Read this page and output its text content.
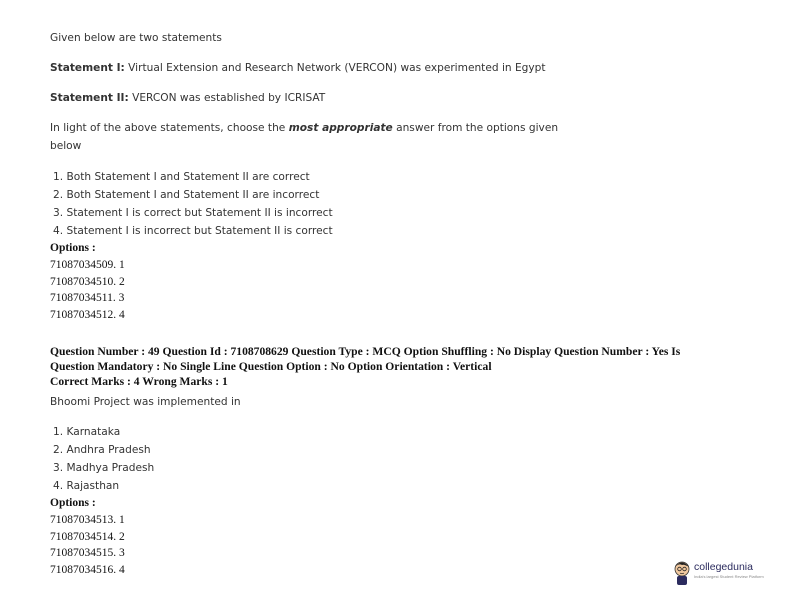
Given below are two statements
Statement I: Virtual Extension and Research Network (VERCON) was experimented in Egypt
Statement II: VERCON was established by ICRISAT
In light of the above statements, choose the most appropriate answer from the options given
below
1. Both Statement I and Statement II are correct
2. Both Statement I and Statement II are incorrect
3. Statement I is correct but Statement II is incorrect
4. Statement I is incorrect but Statement II is correct
Options :
71087034509. 1
71087034510. 2
71087034511. 3
71087034512. 4
Question Number : 49 Question Id : 7108708629 Question Type : MCQ Option Shuffling : No Display Question Number : Yes Is
Question Mandatory : No Single Line Question Option : No Option Orientation : Vertical
Correct Marks : 4 Wrong Marks : 1
Bhoomi Project was implemented in
1. Karnataka
2. Andhra Pradesh
3. Madhya Pradesh
4. Rajasthan
Options :
71087034513. 1
71087034514. 2
71087034515. 3
71087034516. 4	collegedunia
India's largest Student Review Platform
